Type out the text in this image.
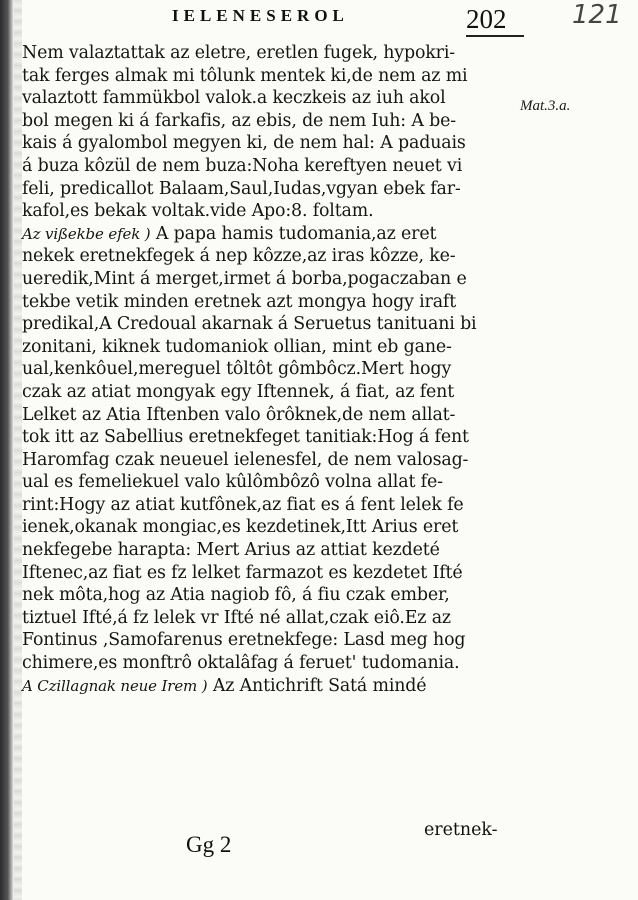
IELENESEROL	202	121
Mat.3.a.
Nem valaztattak az eletre, eretlen fugek, hypokri-
tak ferges almak mi tôlunk mentek ki,de nem az mi
valaztott fammükbol valok.a keczkeis az iuh akol
bol megen ki á farkafis, az ebis, de nem Iuh: A be-
kais á gyalombol megyen ki, de nem hal: A paduais
á buza kôzül de nem buza:Noha kereftyen neuet vi
feli, predicallot Balaam,Saul,Iudas,vgyan ebek far-
kafol,es bekak voltak.vide Apo:8. foltam.
Az vißekbe efek ) A papa hamis tudomania,az eret
nekek eretnekfegek á nep kôzze,az iras kôzze, ke-
ueredik,Mint á merget,irmet á borba,pogaczaban e
tekbe vetik minden eretnek azt mongya hogy iraft
predikal,A Credoual akarnak á Seruetus tanituani bi
zonitani, kiknek tudomaniok ollian, mint eb gane-
ual,kenkôuel,mereguel tôltôt gômbôcz.Mert hogy
czak az atiat mongyak egy Iftennek, á fiat, az fent
Lelket az Atia Iftenben valo ôrôknek,de nem allat-
tok itt az Sabellius eretnekfeget tanitiak:Hog á fent
Haromfag czak neueuel ielenesfel, de nem valosag-
ual es femeliekuel valo kûlômbôzô volna allat fe-
rint:Hogy az atiat kutfônek,az fiat es á fent lelek fe
ienek,okanak mongiac,es kezdetinek,Itt Arius eret
nekfegebe harapta: Mert Arius az attiat kezdeté
Iftenec,az fiat es fz lelket farmazot es kezdetet Ifté
nek môta,hog az Atia nagiob fô, á fiu czak ember,
tiztuel Ifté,á fz lelek vr Ifté né allat,czak eiô.Ez az
Fontinus ,Samofarenus eretnekfege: Lasd meg hog
chimere,es monftrô oktalâfag á feruet' tudomania.
A Czillagnak neue Irem ) Az Antichrift Satá mindé
eretnek-
Gg 2
